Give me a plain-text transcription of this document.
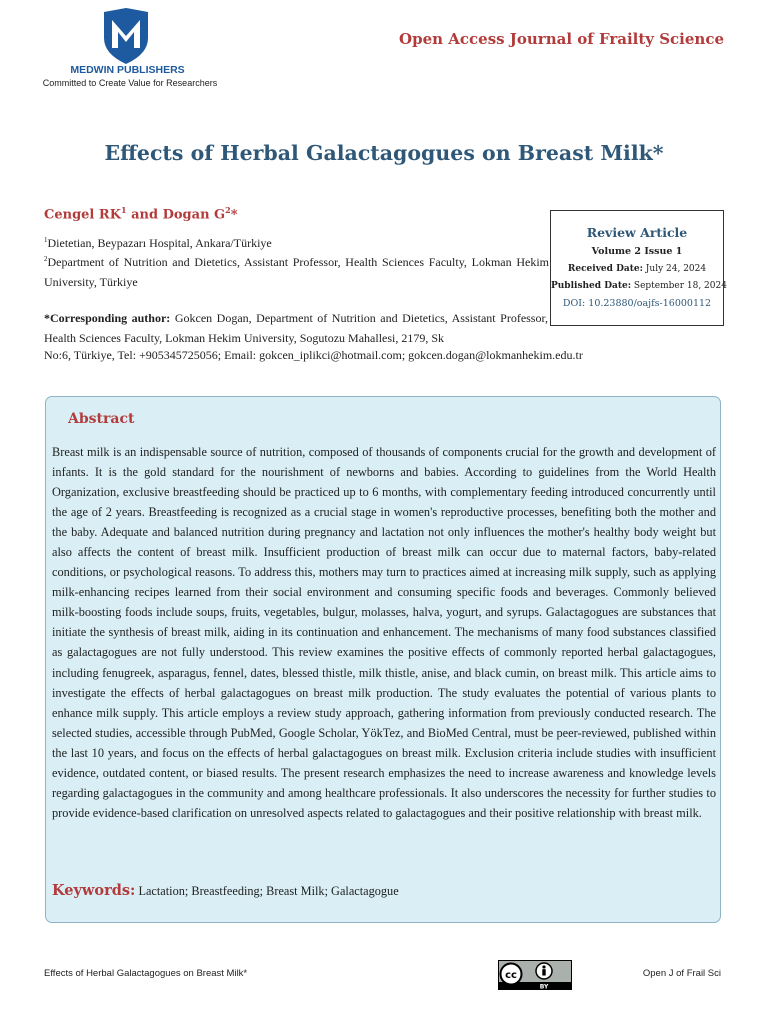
MEDWIN PUBLISHERS
Committed to Create Value for Researchers
Open Access Journal of Frailty Science
Effects of Herbal Galactagogues on Breast Milk*
Cengel $RK^1$ and Dogan $G^2*$
$^1$Dietetian, Beypazarı Hospital, Ankara/Türkiye
$^2$Department of Nutrition and Dietetics, Assistant Professor, Health Sciences Faculty, Lokman Hekim University, Türkiye
*Corresponding author: Gokcen Dogan, Department of Nutrition and Dietetics, Assistant Professor, Health Sciences Faculty, Lokman Hekim University, Sogutozu Mahallesi, 2179, Sk
No:6, Türkiye, Tel: +905345725056; Email: gokcen_iplikci@hotmail.com; gokcen.dogan@lokmanhekim.edu.tr
Review Article
Volume 2 Issue 1
Received Date: July 24, 2024
Published Date: September 18, 2024
DOI: 10.23880/oajfs-16000112
Abstract
Breast milk is an indispensable source of nutrition, composed of thousands of components crucial for the growth and development of infants. It is the gold standard for the nourishment of newborns and babies. According to guidelines from the World Health Organization, exclusive breastfeeding should be practiced up to 6 months, with complementary feeding introduced concurrently until the age of 2 years. Breastfeeding is recognized as a crucial stage in women's reproductive processes, benefiting both the mother and the baby. Adequate and balanced nutrition during pregnancy and lactation not only influences the mother's healthy body weight but also affects the content of breast milk. Insufficient production of breast milk can occur due to maternal factors, baby-related conditions, or psychological reasons. To address this, mothers may turn to practices aimed at increasing milk supply, such as applying milk-enhancing recipes learned from their social environment and consuming specific foods and beverages. Commonly believed milk-boosting foods include soups, fruits, vegetables, bulgur, molasses, halva, yogurt, and syrups. Galactagogues are substances that initiate the synthesis of breast milk, aiding in its continuation and enhancement. The mechanisms of many food substances classified as galactagogues are not fully understood. This review examines the positive effects of commonly reported herbal galactagogues, including fenugreek, asparagus, fennel, dates, blessed thistle, milk thistle, anise, and black cumin, on breast milk. This article aims to investigate the effects of herbal galactagogues on breast milk production. The study evaluates the potential of various plants to enhance milk supply. This article employs a review study approach, gathering information from previously conducted research. The selected studies, accessible through PubMed, Google Scholar, YökTez, and BioMed Central, must be peer-reviewed, published within the last 10 years, and focus on the effects of herbal galactagogues on breast milk. Exclusion criteria include studies with insufficient evidence, outdated content, or biased results. The present research emphasizes the need to increase awareness and knowledge levels regarding galactagogues in the community and among healthcare professionals. It also underscores the necessity for further studies to provide evidence-based clarification on unresolved aspects related to galactagogues and their positive relationship with breast milk.
Keywords: Lactation; Breastfeeding; Breast Milk; Galactagogue
Effects of Herbal Galactagogues on Breast Milk*	cc
BY
Open J of Frail Sci
